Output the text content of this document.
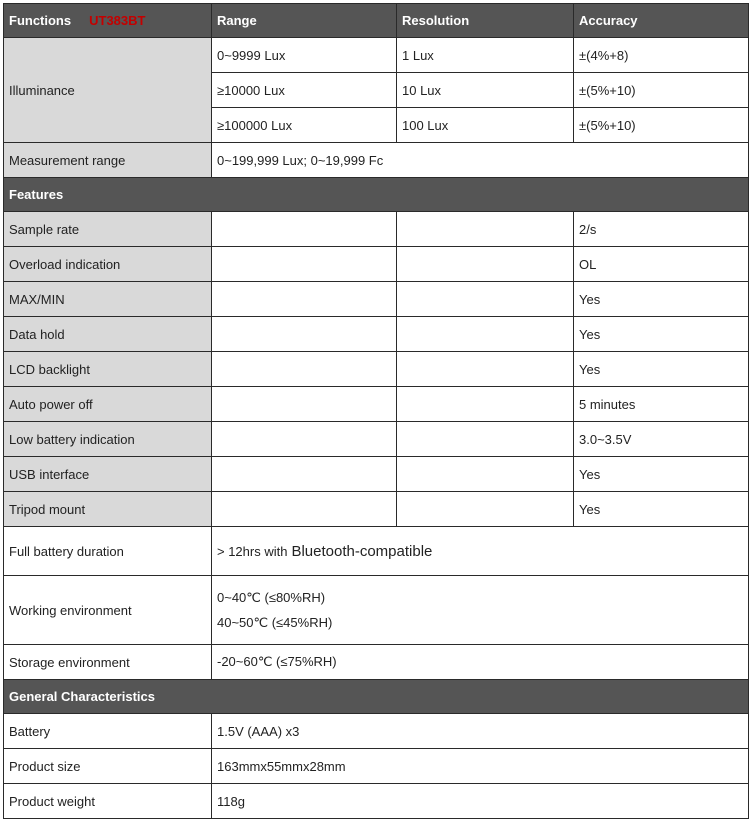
Functions UT383BT	Range	Resolution	Accuracy
Illuminance	0~9999 Lux	1 Lux	±(4%+8)
	≥10000 Lux	10 Lux	±(5%+10)
	≥100000 Lux	100 Lux	±(5%+10)
Measurement range	0~199,999 Lux; 0~19,999 Fc		
Features			
Sample rate			2/s
Overload indication			OL
MAX/MIN			Yes
Data hold			Yes
LCD backlight			Yes
Auto power off			5 minutes
Low battery indication			3.0~3.5V
USB interface			Yes
Tripod mount			Yes
Full battery duration	> 12hrs with Bluetooth-compatible		
Working environment	0~40℃ (≤80%RH)
40~50℃ (≤45%RH)		

Storage environment	-20~60℃ (≤75%RH)		
General Characteristics			
Battery	1.5V (AAA) x3		
Product size	163mmx55mmx28mm		
Product weight	118g		
